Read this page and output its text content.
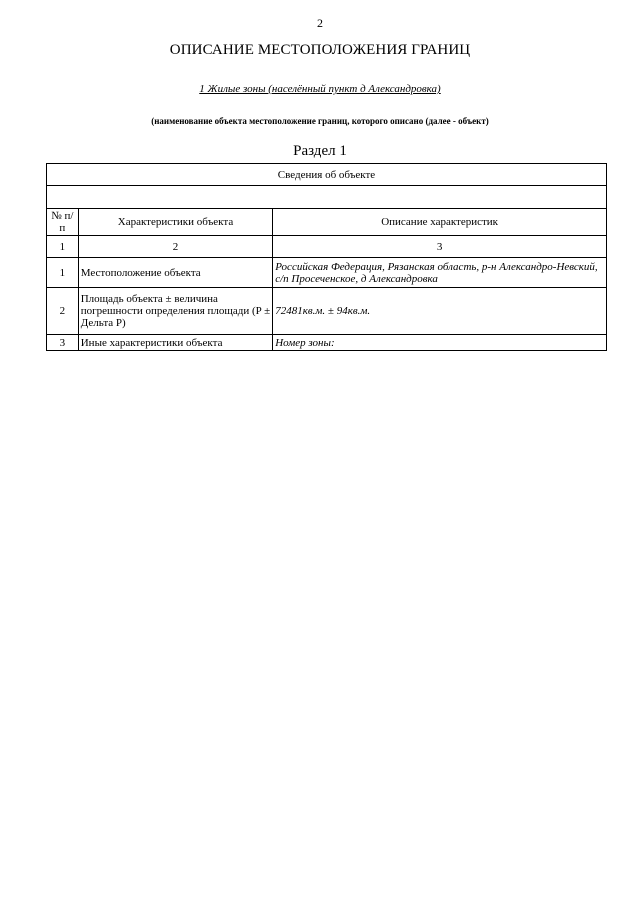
2
ОПИСАНИЕ МЕСТОПОЛОЖЕНИЯ ГРАНИЦ
1 Жилые зоны (населённый пункт д Александровка)
(наименование объекта местоположение границ, которого описано (далее - объект)
Раздел 1
Сведения об объекте		

№ п/п	Характеристики объекта	Описание характеристик
1	2	3
1	Местоположение объекта	Российская Федерация, Рязанская область, р-н Александро-Невский, с/п Просеченское, д Александровка
2	Площадь объекта ± величина погрешности определения площади (P ± Дельта P)	72481кв.м. ± 94кв.м.
3	Иные характеристики объекта	Номер зоны:
